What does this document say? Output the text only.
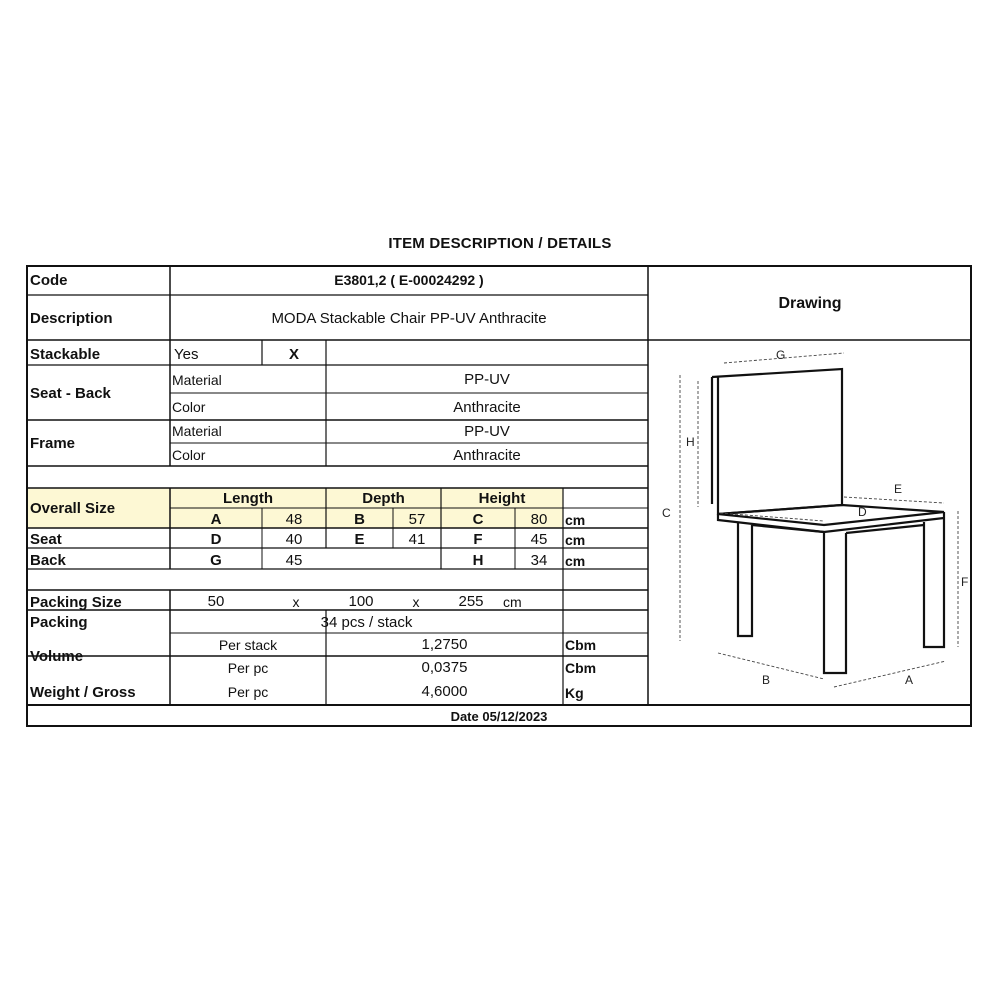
ITEM DESCRIPTION / DETAILS
Code	E3801,2 ( E-00024292 )
Description	MODA Stackable Chair PP-UV Anthracite
Drawing
Stackable	Yes	X
Seat - Back
Material	PP-UV
Color	Anthracite
Frame
Material	PP-UV
Color	Anthracite
Overall Size
Length	Depth	Height
A	48	B	57	C	80	cm
Seat	D	40	E	41	F	45	cm
Back	G	45	H	34	cm
Packing Size	50	x	100	x	255	cm
Packing	34 pcs / stack
Volume
Per stack	1,2750	Cbm
Per pc	0,0375	Cbm
Weight / Gross	Per pc	4,6000	Kg
Date 05/12/2023
G
H
C
E
D
F
B	A
